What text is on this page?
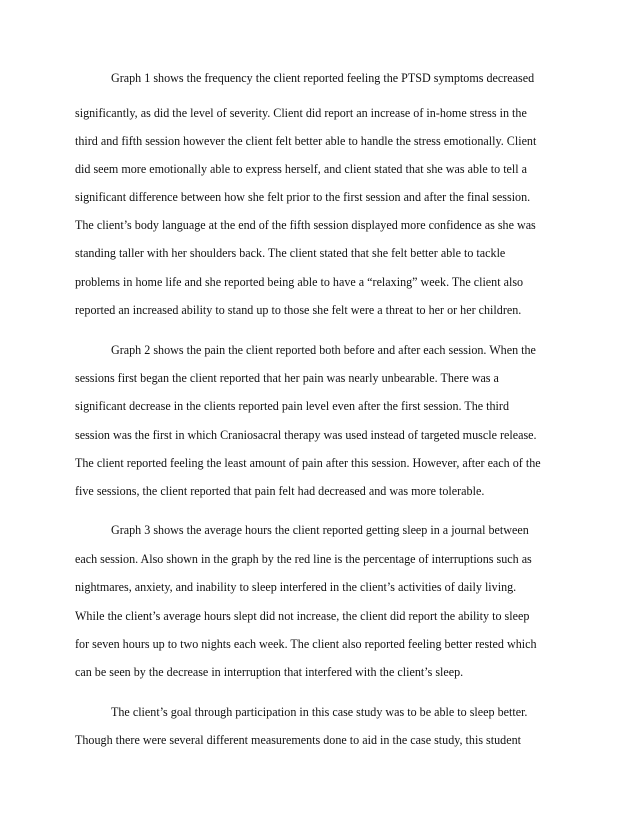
Graph 1 shows the frequency the client reported feeling the PTSD symptoms decreased

significantly, as did the level of severity. Client did report an increase of in-home stress in the

third and fifth session however the client felt better able to handle the stress emotionally. Client

did seem more emotionally able to express herself, and client stated that she was able to tell a

significant difference between how she felt prior to the first session and after the final session.

The client’s body language at the end of the fifth session displayed more confidence as she was

standing taller with her shoulders back. The client stated that she felt better able to tackle

problems in home life and she reported being able to have a “relaxing” week. The client also

reported an increased ability to stand up to those she felt were a threat to her or her children.

Graph 2 shows the pain the client reported both before and after each session. When the

sessions first began the client reported that her pain was nearly unbearable. There was a

significant decrease in the clients reported pain level even after the first session. The third

session was the first in which Craniosacral therapy was used instead of targeted muscle release.

The client reported feeling the least amount of pain after this session. However, after each of the

five sessions, the client reported that pain felt had decreased and was more tolerable.

Graph 3 shows the average hours the client reported getting sleep in a journal between

each session. Also shown in the graph by the red line is the percentage of interruptions such as

nightmares, anxiety, and inability to sleep interfered in the client’s activities of daily living.

While the client’s average hours slept did not increase, the client did report the ability to sleep

for seven hours up to two nights each week. The client also reported feeling better rested which

can be seen by the decrease in interruption that interfered with the client’s sleep.

The client’s goal through participation in this case study was to be able to sleep better.

Though there were several different measurements done to aid in the case study, this student
